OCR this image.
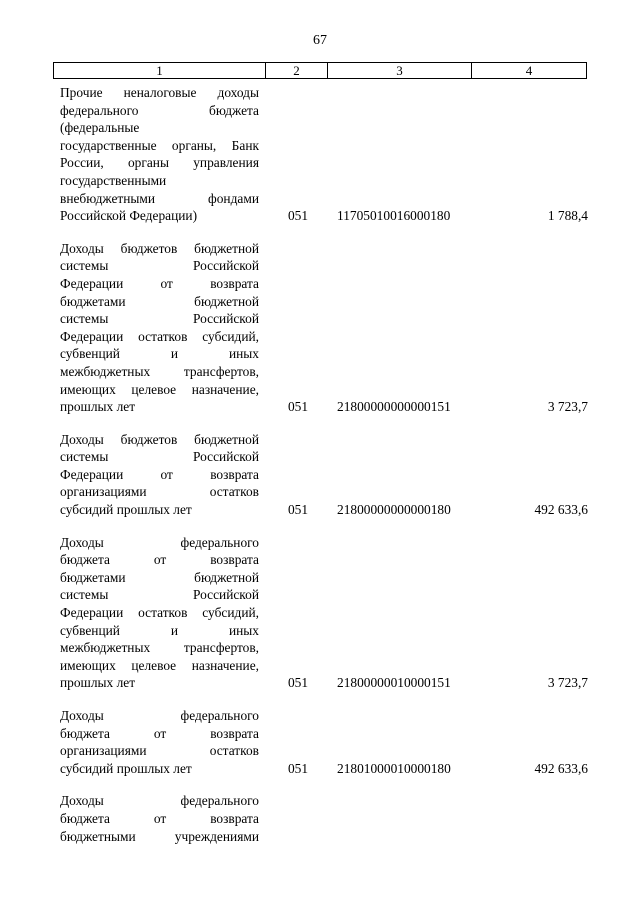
67
1	2	3	4
Прочие неналоговые доходы
федерального бюджета
(федеральные
государственные органы, Банк
России, органы управления
государственными
внебюджетными фондами
Российской Федерации)	051	11705010016000180	1 788,4
Доходы бюджетов бюджетной
системы Российской
Федерации от возврата
бюджетами бюджетной
системы Российской
Федерации остатков субсидий,
субвенций и иных
межбюджетных трансфертов,
имеющих целевое назначение,
прошлых лет	051	21800000000000151	3 723,7
Доходы бюджетов бюджетной
системы Российской
Федерации от возврата
организациями остатков
субсидий прошлых лет	051	21800000000000180	492 633,6
Доходы федерального
бюджета от возврата
бюджетами бюджетной
системы Российской
Федерации остатков субсидий,
субвенций и иных
межбюджетных трансфертов,
имеющих целевое назначение,
прошлых лет	051	21800000010000151	3 723,7
Доходы федерального
бюджета от возврата
организациями остатков
субсидий прошлых лет	051	21801000010000180	492 633,6
Доходы федерального
бюджета от возврата
бюджетными учреждениями
